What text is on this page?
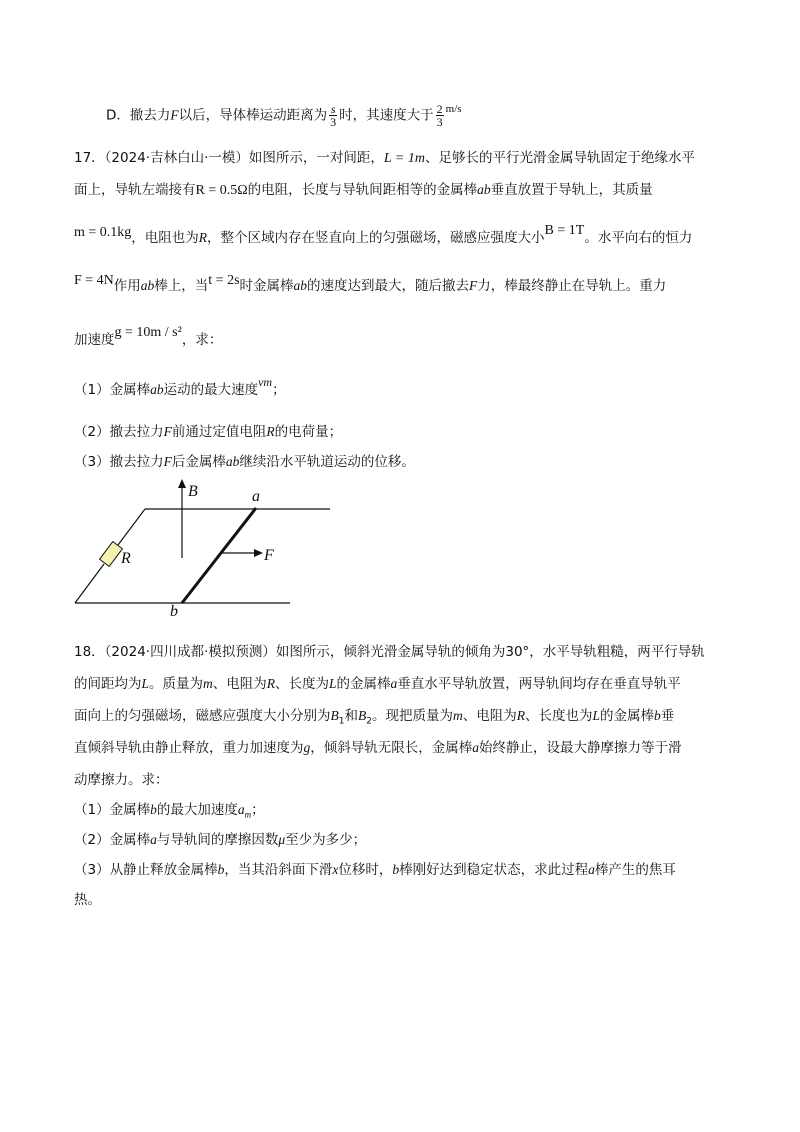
D．撤去力F以后，导体棒运动距离为 $\frac{s}{3}$ 时，其速度大于 $\frac{2}{3} ^{m/s}$
17．（2024·吉林白山·一模）如图所示，一对间距，L = 1m、足够长的平行光滑金属导轨固定于绝缘水平
面上，导轨左端接有R = 0.5Ω的电阻，长度与导轨间距相等的金属棒ab垂直放置于导轨上，其质量
m = 0.1kg，电阻也为R，整个区域内存在竖直向上的匀强磁场，磁感应强度大小B = 1T。水平向右的恒力
F = 4N作用ab棒上，当t = 2s时金属棒ab的速度达到最大，随后撤去F力，棒最终静止在导轨上。重力
加速度g = 10m / s²，求：
（1）金属棒ab运动的最大速度vm；
（2）撤去拉力F前通过定值电阻R的电荷量；
（3）撤去拉力F后金属棒ab继续沿水平轨道运动的位移。
B	a
R	F
b
18．（2024·四川成都·模拟预测）如图所示，倾斜光滑金属导轨的倾角为30°，水平导轨粗糙，两平行导轨
的间距均为L。质量为m、电阻为R、长度为L的金属棒a垂直水平导轨放置，两导轨间均存在垂直导轨平
面向上的匀强磁场，磁感应强度大小分别为$B_1$和$B_2$。现把质量为m、电阻为R、长度也为L的金属棒b垂
直倾斜导轨由静止释放，重力加速度为g，倾斜导轨无限长，金属棒a始终静止，设最大静摩擦力等于滑
动摩擦力。求：
（1）金属棒b的最大加速度$a_m$；
（2）金属棒a与导轨间的摩擦因数μ至少为多少；
（3）从静止释放金属棒b，当其沿斜面下滑x位移时，b棒刚好达到稳定状态，求此过程a棒产生的焦耳
热。
